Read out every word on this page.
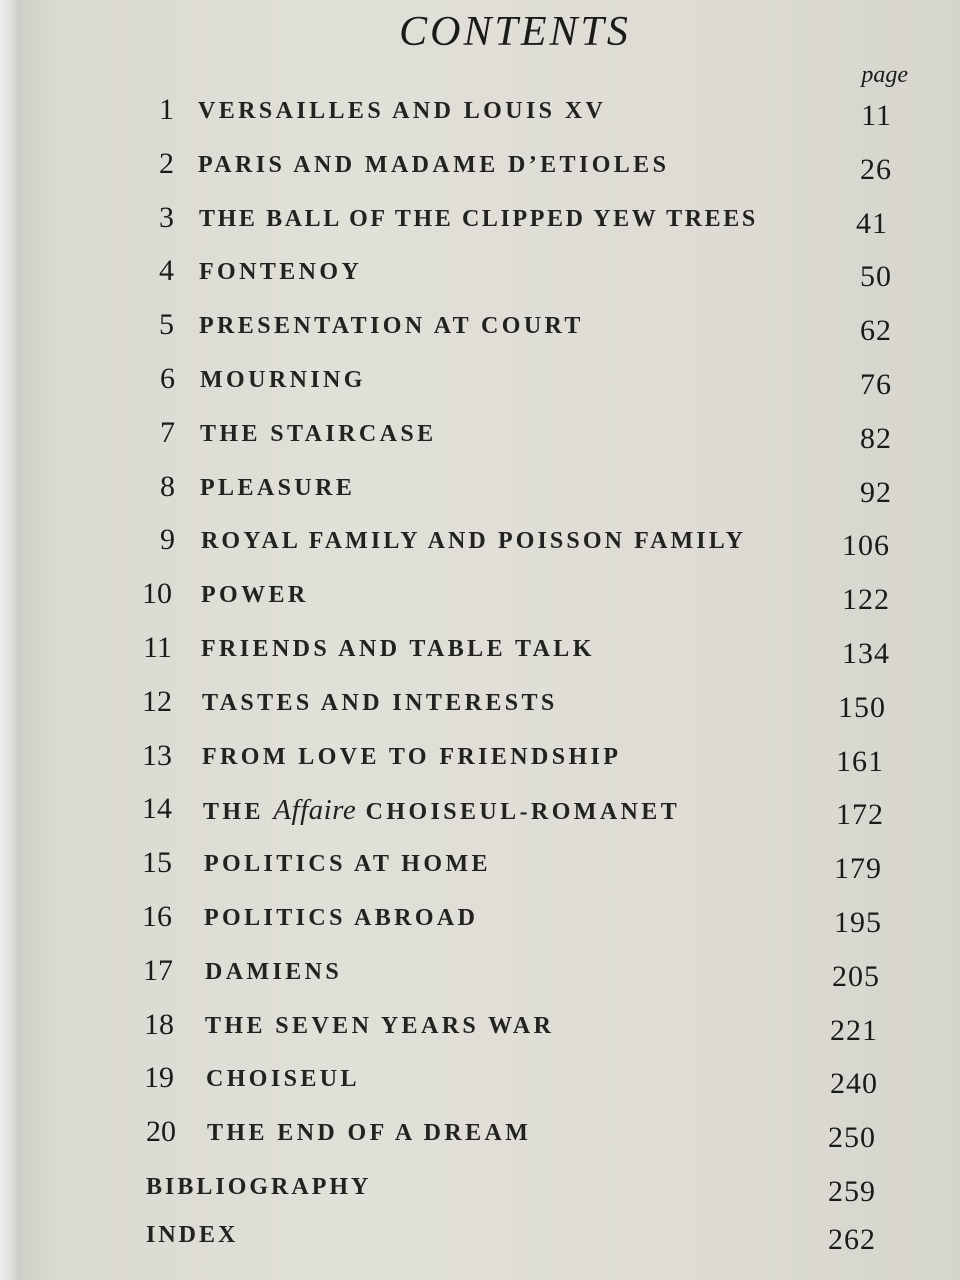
CONTENTS
page
1 VERSAILLES AND LOUIS XV	11
2 PARIS AND MADAME D’ETIOLES	26
3 THE BALL OF THE CLIPPED YEW TREES	41
4 FONTENOY	50
5 PRESENTATION AT COURT	62
6 MOURNING	76
7 THE STAIRCASE	82
8 PLEASURE	92
9 ROYAL FAMILY AND POISSON FAMILY	106
10 POWER	122
11 FRIENDS AND TABLE TALK	134
12 TASTES AND INTERESTS	150
13 FROM LOVE TO FRIENDSHIP	161
14 THE Affaire CHOISEUL-ROMANET	172
15 POLITICS AT HOME	179
16 POLITICS ABROAD	195
17 DAMIENS	205
18 THE SEVEN YEARS WAR	221
19 CHOISEUL	240
20 THE END OF A DREAM	250
BIBLIOGRAPHY	259
INDEX	262
